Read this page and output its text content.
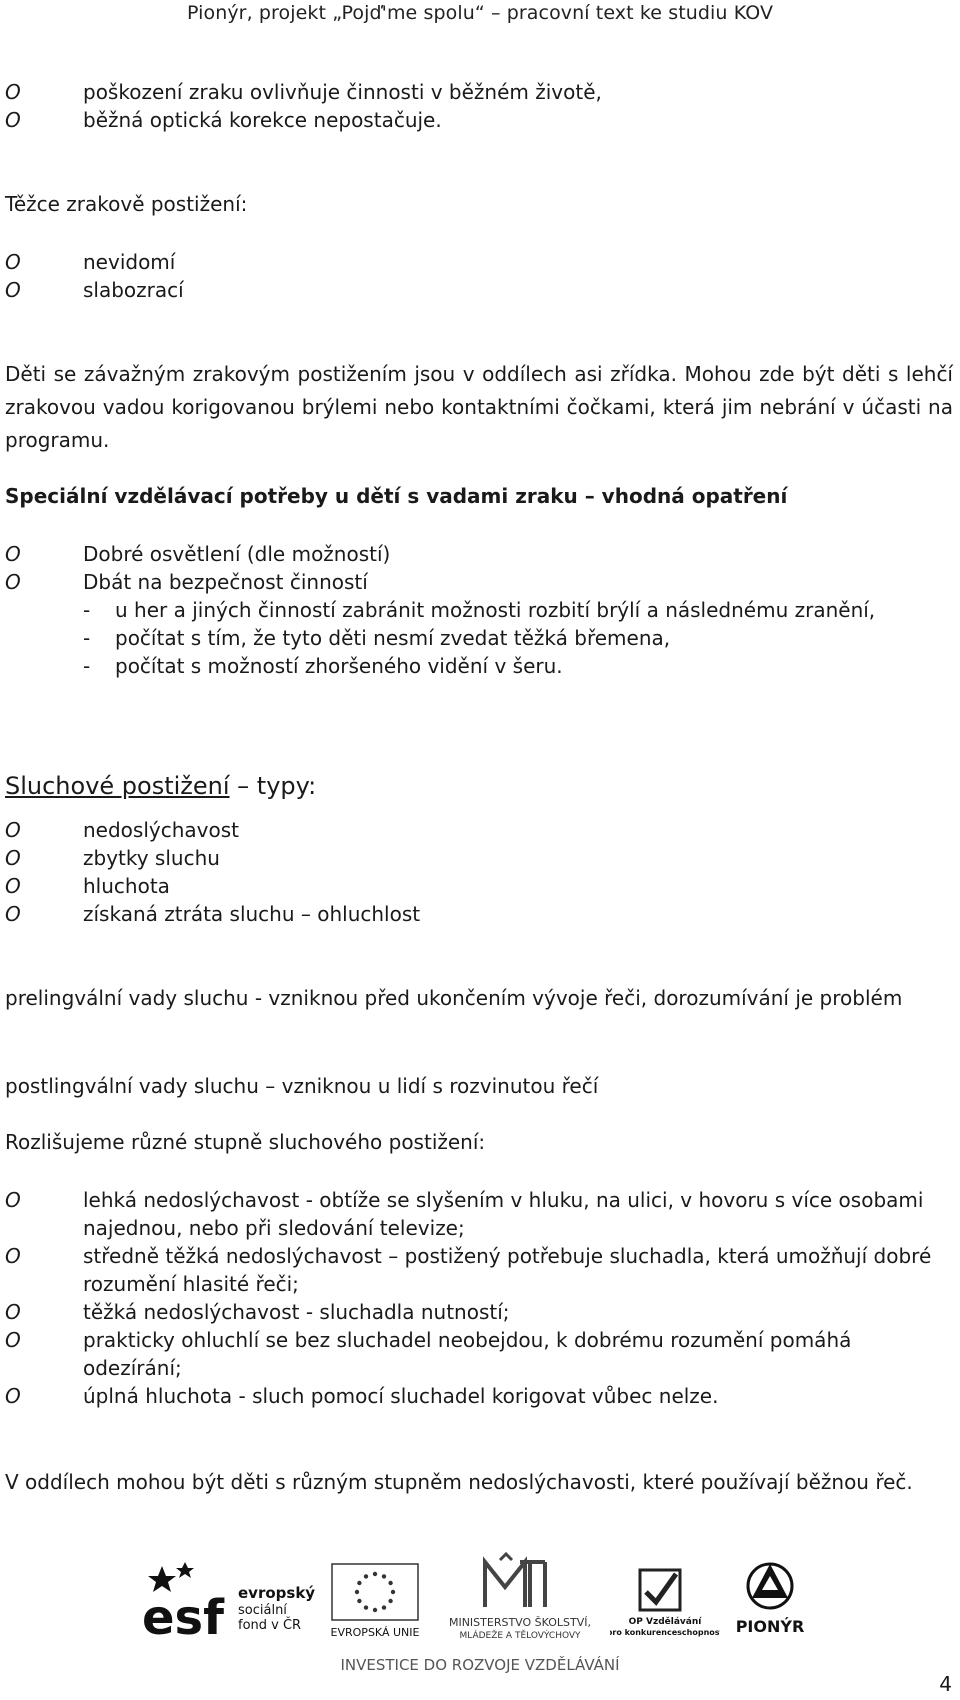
Pionýr, projekt „Pojď'me spolu“ – pracovní text ke studiu KOV
O	poškození zraku ovlivňuje činnosti v běžném životě,
O	běžná optická korekce nepostačuje.
Těžce zrakově postižení:
O	nevidomí
O	slabozrací
Děti se závažným zrakovým postižením jsou v oddílech asi zřídka. Mohou zde být děti s lehčí zrakovou vadou korigovanou brýlemi nebo kontaktními čočkami, která jim nebrání v účasti na programu.
Speciální vzdělávací potřeby u dětí s vadami zraku – vhodná opatření
O	Dobré osvětlení (dle možností)
O	Dbát na bezpečnost činností
- u her a jiných činností zabránit možnosti rozbití brýlí a následnému zranění,
- počítat s tím, že tyto děti nesmí zvedat těžká břemena,
- počítat s možností zhoršeného vidění v šeru.
Sluchové postižení – typy:
O	nedoslýchavost
O	zbytky sluchu
O	hluchota
O	získaná ztráta sluchu – ohluchlost
prelingvální vady sluchu - vzniknou před ukončením vývoje řeči, dorozumívání je problém
postlingvální vady sluchu – vzniknou u lidí s rozvinutou řečí
Rozlišujeme různé stupně sluchového postižení:
O	lehká nedoslýchavost - obtíže se slyšením v hluku, na ulici, v hovoru s více osobami najednou, nebo při sledování televize;
O	středně těžká nedoslýchavost – postižený potřebuje sluchadla, která umožňují dobré rozumění hlasité řeči;
O	těžká nedoslýchavost - sluchadla nutností;
O	prakticky ohluchlí se bez sluchadel neobejdou, k dobrému rozumění pomáhá odezírání;
O	úplná hluchota - sluch pomocí sluchadel korigovat vůbec nelze.
V oddílech mohou být děti s různým stupněm nedoslýchavosti, které používají běžnou řeč.
esf evropský
sociální
fond v ČR	EVROPSKÁ UNIE
MINISTERSTVO ŠKOLSTVÍ,
MLÁDEŽE A TĚLOVÝCHOVY
OP Vzdělávání
pro konkurenceschopnost PIONÝR
INVESTICE DO ROZVOJE VZDĚLÁVÁNÍ
4
